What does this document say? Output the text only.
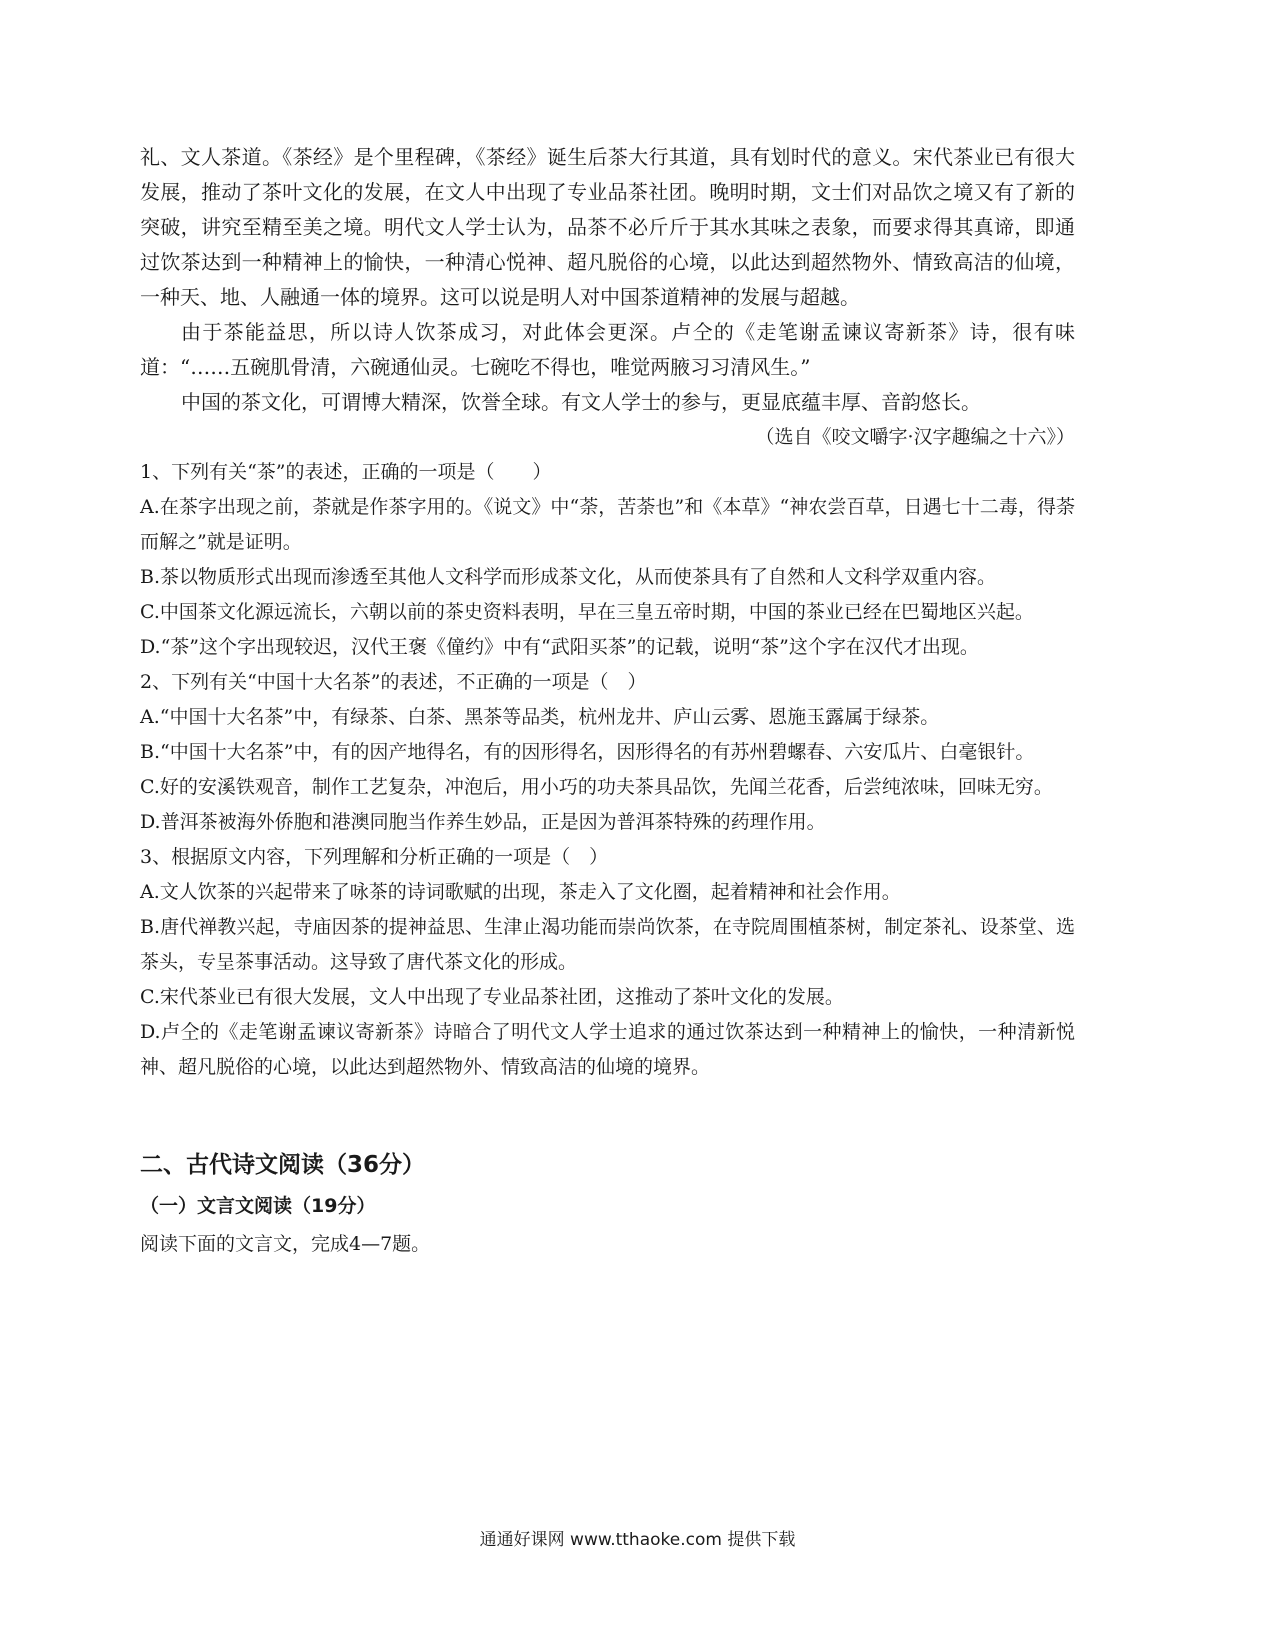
礼、文人茶道。《茶经》是个里程碑，《茶经》诞生后茶大行其道，具有划时代的意义。宋代茶业已有很大发展，推动了茶叶文化的发展，在文人中出现了专业品茶社团。晚明时期，文士们对品饮之境又有了新的突破，讲究至精至美之境。明代文人学士认为，品茶不必斤斤于其水其味之表象，而要求得其真谛，即通过饮茶达到一种精神上的愉快，一种清心悦神、超凡脱俗的心境，以此达到超然物外、情致高洁的仙境，一种天、地、人融通一体的境界。这可以说是明人对中国茶道精神的发展与超越。

由于茶能益思，所以诗人饮茶成习，对此体会更深。卢仝的《走笔谢孟谏议寄新茶》诗，很有味道：“……五碗肌骨清，六碗通仙灵。七碗吃不得也，唯觉两腋习习清风生。”

中国的茶文化，可谓博大精深，饮誉全球。有文人学士的参与，更显底蕴丰厚、音韵悠长。

（选自《咬文嚼字·汉字趣编之十六》）

1、下列有关“茶”的表述，正确的一项是（　　）

A.在茶字出现之前，荼就是作茶字用的。《说文》中“荼，苦荼也”和《本草》“神农尝百草，日遇七十二毒，得荼而解之”就是证明。

B.茶以物质形式出现而渗透至其他人文科学而形成茶文化，从而使茶具有了自然和人文科学双重内容。

C.中国茶文化源远流长，六朝以前的茶史资料表明，早在三皇五帝时期，中国的茶业已经在巴蜀地区兴起。

D.“茶”这个字出现较迟，汉代王褒《僮约》中有“武阳买茶”的记载，说明“茶”这个字在汉代才出现。

2、下列有关“中国十大名茶”的表述，不正确的一项是（　）

A.“中国十大名茶”中，有绿茶、白茶、黑茶等品类，杭州龙井、庐山云雾、恩施玉露属于绿茶。

B.“中国十大名茶”中，有的因产地得名，有的因形得名，因形得名的有苏州碧螺春、六安瓜片、白毫银针。

C.好的安溪铁观音，制作工艺复杂，冲泡后，用小巧的功夫茶具品饮，先闻兰花香，后尝纯浓味，回味无穷。

D.普洱茶被海外侨胞和港澳同胞当作养生妙品，正是因为普洱茶特殊的药理作用。

3、根据原文内容，下列理解和分析正确的一项是（　）

A.文人饮茶的兴起带来了咏茶的诗词歌赋的出现，茶走入了文化圈，起着精神和社会作用。

B.唐代禅教兴起，寺庙因茶的提神益思、生津止渴功能而崇尚饮茶，在寺院周围植茶树，制定茶礼、设茶堂、选茶头，专呈茶事活动。这导致了唐代茶文化的形成。

C.宋代茶业已有很大发展，文人中出现了专业品茶社团，这推动了茶叶文化的发展。

D.卢仝的《走笔谢孟谏议寄新茶》诗暗合了明代文人学士追求的通过饮茶达到一种精神上的愉快，一种清新悦神、超凡脱俗的心境，以此达到超然物外、情致高洁的仙境的境界。

二、古代诗文阅读（36分）
（一）文言文阅读（19分）

阅读下面的文言文，完成4—7题。

通通好课网 www.tthaoke.com 提供下载
